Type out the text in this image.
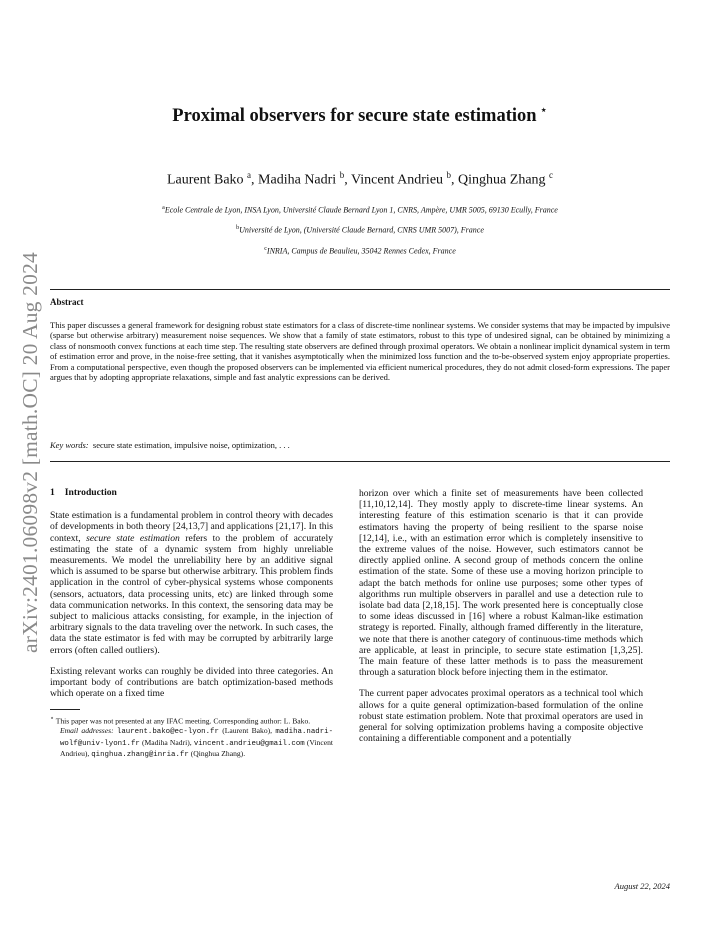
arXiv:2401.06098v2 [math.OC] 20 Aug 2024
Proximal observers for secure state estimation ⋆
Laurent Bako $^a$, Madiha Nadri $^b$, Vincent Andrieu $^b$, Qinghua Zhang $^c$
$^a$Ecole Centrale de Lyon, INSA Lyon, Université Claude Bernard Lyon 1, CNRS, Ampère, UMR 5005, 69130 Ecully, France
$^b$Université de Lyon, (Université Claude Bernard, CNRS UMR 5007), France
$^c$INRIA, Campus de Beaulieu, 35042 Rennes Cedex, France
Abstract
This paper discusses a general framework for designing robust state estimators for a class of discrete-time nonlinear systems. We consider systems that may be impacted by impulsive (sparse but otherwise arbitrary) measurement noise sequences. We show that a family of state estimators, robust to this type of undesired signal, can be obtained by minimizing a class of nonsmooth convex functions at each time step. The resulting state observers are defined through proximal operators. We obtain a nonlinear implicit dynamical system in term of estimation error and prove, in the noise-free setting, that it vanishes asymptotically when the minimized loss function and the to-be-observed system enjoy appropriate properties. From a computational perspective, even though the proposed observers can be implemented via efficient numerical procedures, they do not admit closed-form expressions. The paper argues that by adopting appropriate relaxations, simple and fast analytic expressions can be derived.
Key words: secure state estimation, impulsive noise, optimization, . . .
1 Introduction

State estimation is a fundamental problem in control theory with decades of developments in both theory [24,13,7] and applications [21,17]. In this context, secure state estimation refers to the problem of accurately estimating the state of a dynamic system from highly unreliable measurements. We model the unreliability here by an additive signal which is assumed to be sparse but otherwise arbitrary. This problem finds application in the control of cyber-physical systems whose components (sensors, actuators, data processing units, etc) are linked through some data communication networks. In this context, the sensoring data may be subject to malicious attacks consisting, for example, in the injection of arbitrary signals to the data traveling over the network. In such cases, the data the state estimator is fed with may be corrupted by arbitrarily large errors (often called outliers).

Existing relevant works can roughly be divided into three categories. An important body of contributions are batch optimization-based methods which operate on a fixed time

⋆ This paper was not presented at any IFAC meeting. Corresponding author: L. Bako.

Email addresses: laurent.bako@ec-lyon.fr (Laurent Bako), madiha.nadri-wolf@univ-lyon1.fr (Madiha Nadri), vincent.andrieu@gmail.com (Vincent Andrieu), qinghua.zhang@inria.fr (Qinghua Zhang).

horizon over which a finite set of measurements have been collected [11,10,12,14]. They mostly apply to discrete-time linear systems. An interesting feature of this estimation scenario is that it can provide estimators having the property of being resilient to the sparse noise [12,14], i.e., with an estimation error which is completely insensitive to the extreme values of the noise. However, such estimators cannot be directly applied online. A second group of methods concern the online estimation of the state. Some of these use a moving horizon principle to adapt the batch methods for online use purposes; some other types of algorithms run multiple observers in parallel and use a detection rule to isolate bad data [2,18,15]. The work presented here is conceptually close to some ideas discussed in [16] where a robust Kalman-like estimation strategy is reported. Finally, although framed differently in the literature, we note that there is another category of continuous-time methods which are applicable, at least in principle, to secure state estimation [1,3,25]. The main feature of these latter methods is to pass the measurement through a saturation block before injecting them in the estimator.

The current paper advocates proximal operators as a technical tool which allows for a quite general optimization-based formulation of the online robust state estimation problem. Note that proximal operators are used in general for solving optimization problems having a composite objective containing a differentiable component and a potentially

August 22, 2024
